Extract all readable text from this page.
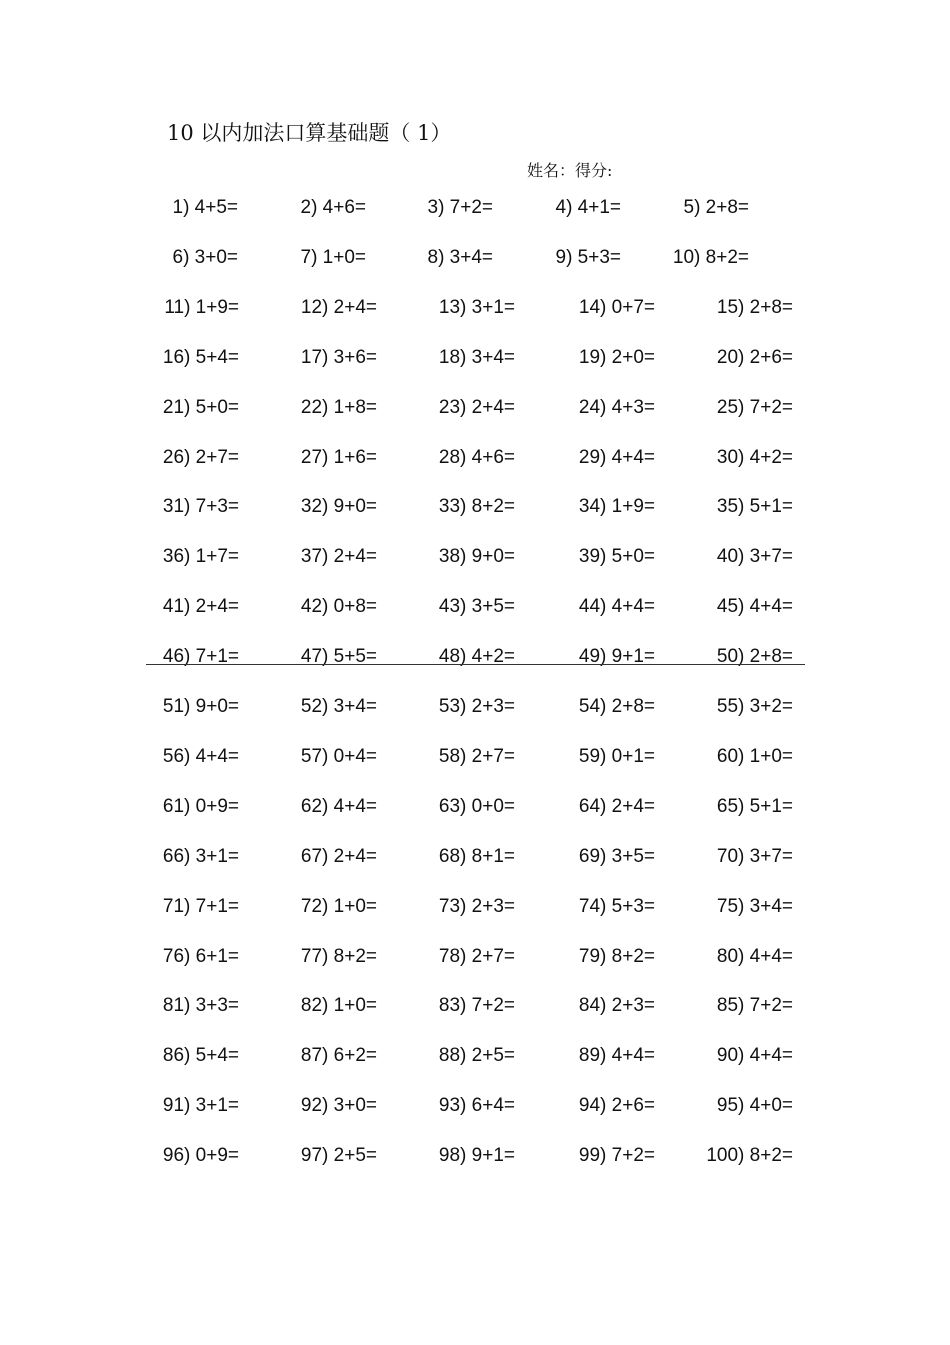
10 以内加法口算基础题（ 1）
姓名：得分:
1) 4+5=	2) 4+6=	3) 7+2=	4) 4+1=	5) 2+8=
6) 3+0=	7) 1+0=	8) 3+4=	9) 5+3=	10) 8+2=
11) 1+9=	12) 2+4=	13) 3+1=	14) 0+7=	15) 2+8=
16) 5+4=	17) 3+6=	18) 3+4=	19) 2+0=	20) 2+6=
21) 5+0=	22) 1+8=	23) 2+4=	24) 4+3=	25) 7+2=
26) 2+7=	27) 1+6=	28) 4+6=	29) 4+4=	30) 4+2=
31) 7+3=	32) 9+0=	33) 8+2=	34) 1+9=	35) 5+1=
36) 1+7=	37) 2+4=	38) 9+0=	39) 5+0=	40) 3+7=
41) 2+4=	42) 0+8=	43) 3+5=	44) 4+4=	45) 4+4=
46) 7+1=	47) 5+5=	48) 4+2=	49) 9+1=	50) 2+8=
51) 9+0=	52) 3+4=	53) 2+3=	54) 2+8=	55) 3+2=
56) 4+4=	57) 0+4=	58) 2+7=	59) 0+1=	60) 1+0=
61) 0+9=	62) 4+4=	63) 0+0=	64) 2+4=	65) 5+1=
66) 3+1=	67) 2+4=	68) 8+1=	69) 3+5=	70) 3+7=
71) 7+1=	72) 1+0=	73) 2+3=	74) 5+3=	75) 3+4=
76) 6+1=	77) 8+2=	78) 2+7=	79) 8+2=	80) 4+4=
81) 3+3=	82) 1+0=	83) 7+2=	84) 2+3=	85) 7+2=
86) 5+4=	87) 6+2=	88) 2+5=	89) 4+4=	90) 4+4=
91) 3+1=	92) 3+0=	93) 6+4=	94) 2+6=	95) 4+0=
96) 0+9=	97) 2+5=	98) 9+1=	99) 7+2=	100) 8+2=
